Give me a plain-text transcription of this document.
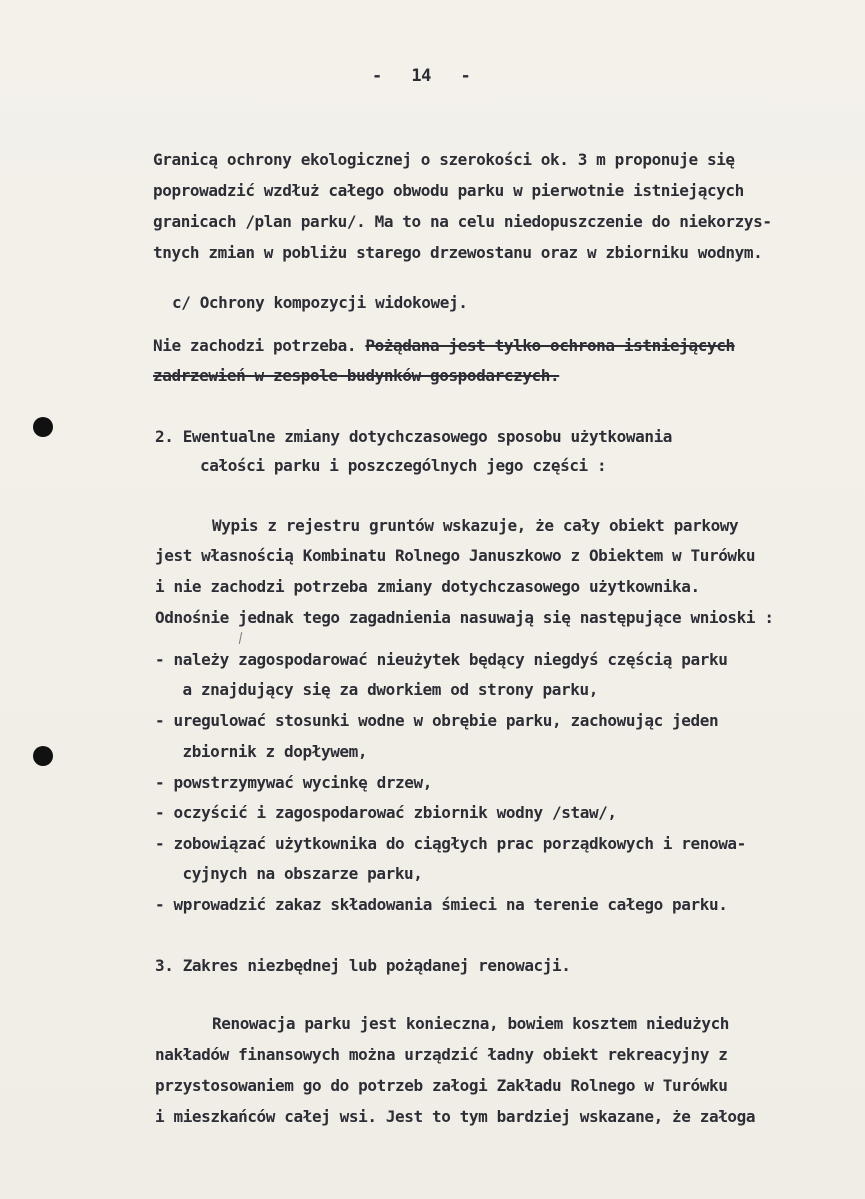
-   14   -
Granicą ochrony ekologicznej o szerokości ok. 3 m proponuje się
poprowadzić wzdłuż całego obwodu parku w pierwotnie istniejących
granicach /plan parku/. Ma to na celu niedopuszczenie do niekorzys-
tnych zmian w pobliżu starego drzewostanu oraz w zbiorniku wodnym.
c/ Ochrony kompozycji widokowej.
Nie zachodzi potrzeba. Pożądana jest tylko ochrona istniejących
zadrzewień w zespole budynków gospodarczych.
2. Ewentualne zmiany dotychczasowego sposobu użytkowania
całości parku i poszczególnych jego części :
Wypis z rejestru gruntów wskazuje, że cały obiekt parkowy
jest własnością Kombinatu Rolnego Januszkowo z Obiektem w Turówku
i nie zachodzi potrzeba zmiany dotychczasowego użytkownika.
Odnośnie jednak tego zagadnienia nasuwają się następujące wnioski :
- należy zagospodarować nieużytek będący niegdyś częścią parku
a znajdujący się za dworkiem od strony parku,
- uregulować stosunki wodne w obrębie parku, zachowując jeden
zbiornik z dopływem,
- powstrzymywać wycinkę drzew,
- oczyścić i zagospodarować zbiornik wodny /staw/,
- zobowiązać użytkownika do ciągłych prac porządkowych i renowa-
cyjnych na obszarze parku,
- wprowadzić zakaz składowania śmieci na terenie całego parku.
3. Zakres niezbędnej lub pożądanej renowacji.
Renowacja parku jest konieczna, bowiem kosztem niedużych
nakładów finansowych można urządzić ładny obiekt rekreacyjny z
przystosowaniem go do potrzeb załogi Zakładu Rolnego w Turówku
i mieszkańców całej wsi. Jest to tym bardziej wskazane, że załoga
